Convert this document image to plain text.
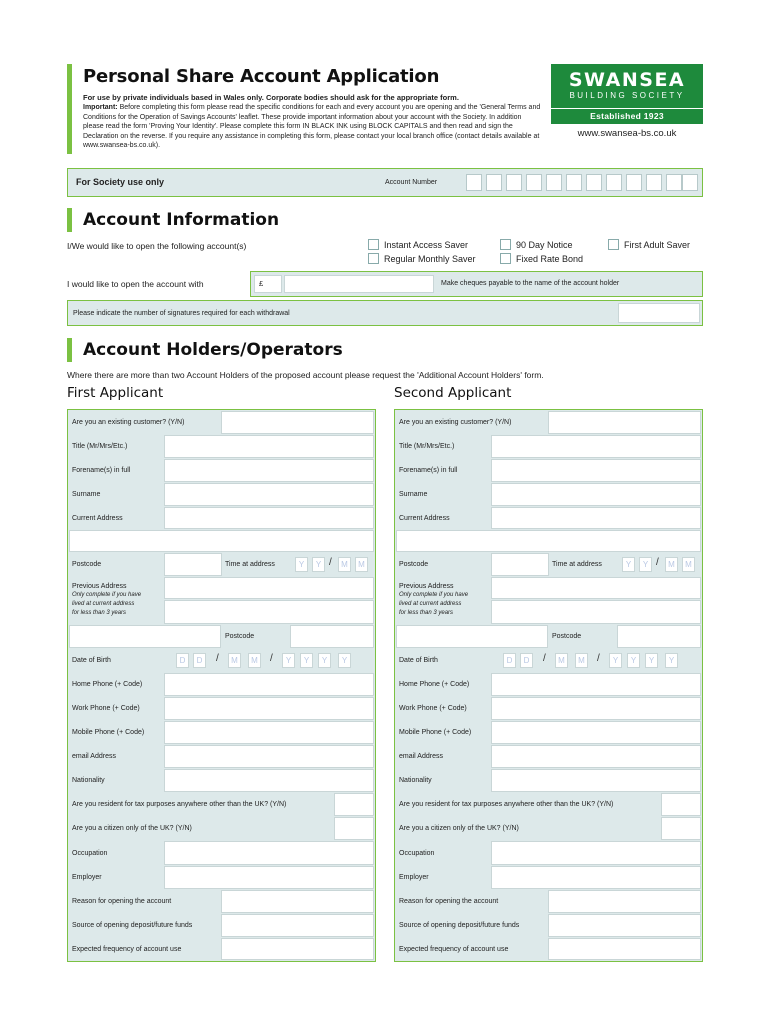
Personal Share Account Application
For use by private individuals based in Wales only. Corporate bodies should ask for the appropriate form.
Important: Before completing this form please read the specific conditions for each and every account you are opening and the 'General Terms and Conditions for the Operation of Savings Accounts' leaflet. These provide important information about your account with the Society. In addition please read the form 'Proving Your Identity'. Please complete this form IN BLACK INK using BLOCK CAPITALS and then read and sign the Declaration on the reverse. If you require any assistance in completing this form, please contact your local branch office (contact details available at www.swansea-bs.co.uk).
SWANSEA
BUILDING SOCIETY
Established 1923
www.swansea-bs.co.uk
For Society use only	Account Number
Account Information
I/We would like to open the following account(s)	Instant Access Saver
Regular Monthly Saver
90 Day Notice
Fixed Rate Bond
First Adult Saver
I would like to open the account with	£	Make cheques payable to the name of the account holder
Please indicate the number of signatures required for each withdrawal
Account Holders/Operators
Where there are more than two Account Holders of the proposed account please request the 'Additional Account Holders' form.
First Applicant	Second Applicant
Are you an existing customer? (Y/N)
Title (Mr/Mrs/Etc.)
Forename(s) in full
Surname
Current Address
Postcode	Time at address	Y	Y /	M	M
Previous Address
Only complete if you have
lived at current address
for less than 3 years
Postcode
Date of Birth	D	D	/	M	M	/	Y	Y	Y	Y
Home Phone (+ Code)
Work Phone (+ Code)
Mobile Phone (+ Code)
email Address
Nationality
Are you resident for tax purposes anywhere other than the UK? (Y/N)
Are you a citizen only of the UK? (Y/N)
Occupation
Employer
Reason for opening the account
Source of opening deposit/future funds
Expected frequency of account use
Are you an existing customer? (Y/N)
Title (Mr/Mrs/Etc.)
Forename(s) in full
Surname
Current Address
Postcode	Time at address	Y	Y /	M	M
Previous Address
Only complete if you have
lived at current address
for less than 3 years
Postcode
Date of Birth	D	D	/	M	M	/	Y	Y	Y	Y
Home Phone (+ Code)
Work Phone (+ Code)
Mobile Phone (+ Code)
email Address
Nationality
Are you resident for tax purposes anywhere other than the UK? (Y/N)
Are you a citizen only of the UK? (Y/N)
Occupation
Employer
Reason for opening the account
Source of opening deposit/future funds
Expected frequency of account use
